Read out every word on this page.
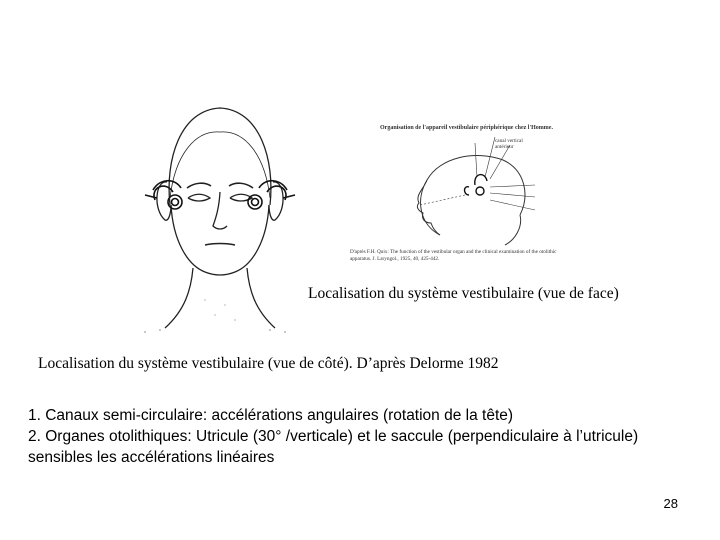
Organisation de l'appareil vestibulaire périphérique chez l'Homme.
canal vertical
antérieur
D'après F.H. Quix: The function of the vestibular organ and the clinical examination of the otolithic
apparatus. J. Laryngol., 1925, 40, 425-442.
Localisation du système vestibulaire (vue de face)
Localisation du système vestibulaire (vue de côté). D’après Delorme 1982

1. Canaux semi-circulaire: accélérations angulaires (rotation de la tête)

2. Organes otolithiques: Utricule (30° /verticale) et le saccule (perpendiculaire à l’utricule) sensibles les accélérations linéaires

28
